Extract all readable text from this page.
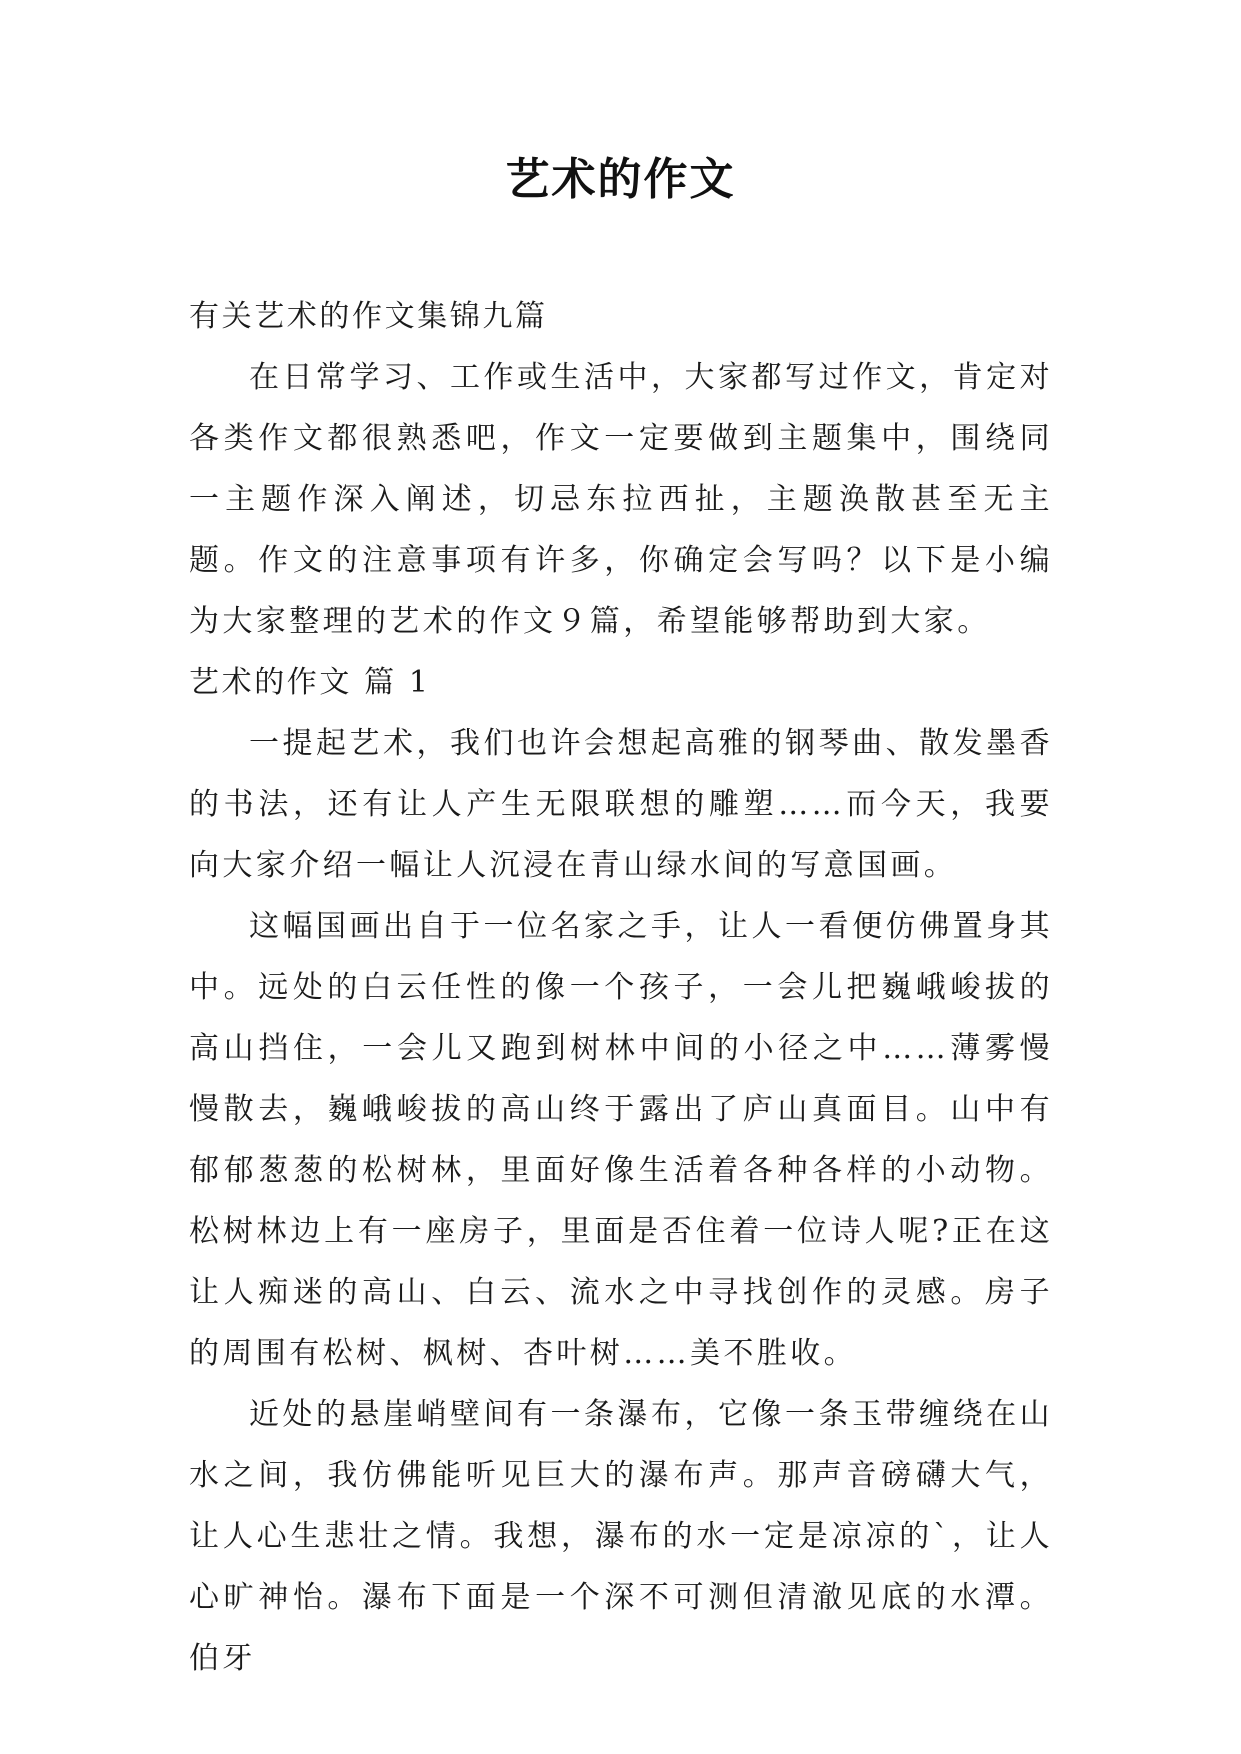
艺术的作文

有关艺术的作文集锦九篇

在日常学习、工作或生活中，大家都写过作文，肯定对各类作文都很熟悉吧，作文一定要做到主题集中，围绕同一主题作深入阐述，切忌东拉西扯，主题涣散甚至无主题。作文的注意事项有许多，你确定会写吗？以下是小编为大家整理的艺术的作文９篇，希望能够帮助到大家。

艺术的作文 篇 1

一提起艺术，我们也许会想起高雅的钢琴曲、散发墨香的书法，还有让人产生无限联想的雕塑……而今天，我要向大家介绍一幅让人沉浸在青山绿水间的写意国画。

这幅国画出自于一位名家之手，让人一看便仿佛置身其中。远处的白云任性的像一个孩子，一会儿把巍峨峻拔的高山挡住，一会儿又跑到树林中间的小径之中……薄雾慢慢散去，巍峨峻拔的高山终于露出了庐山真面目。山中有郁郁葱葱的松树林，里面好像生活着各种各样的小动物。松树林边上有一座房子，里面是否住着一位诗人呢?正在这让人痴迷的高山、白云、流水之中寻找创作的灵感。房子的周围有松树、枫树、杏叶树……美不胜收。

近处的悬崖峭壁间有一条瀑布，它像一条玉带缠绕在山水之间，我仿佛能听见巨大的瀑布声。那声音磅礴大气，让人心生悲壮之情。我想，瀑布的水一定是凉凉的`，让人心旷神怡。瀑布下面是一个深不可测但清澈见底的水潭。伯牙
